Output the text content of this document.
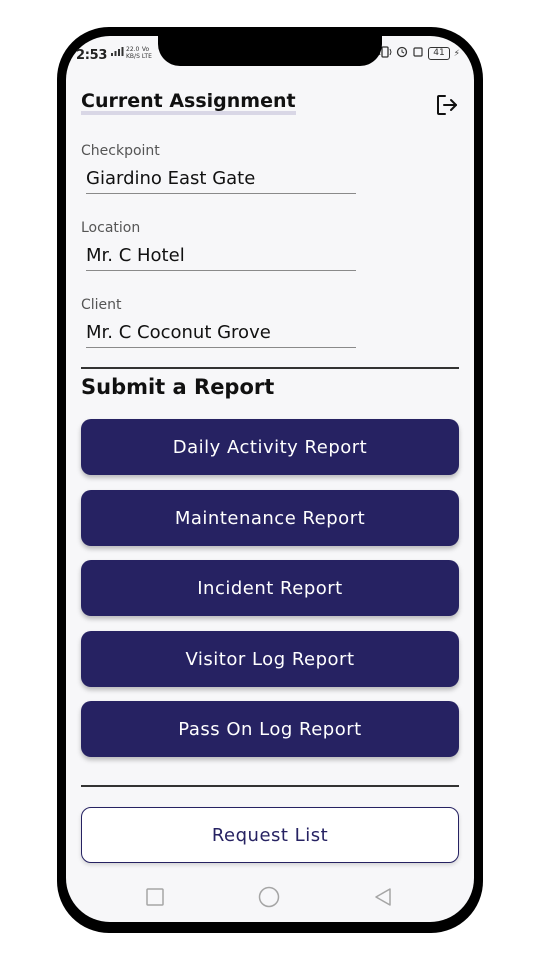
2:53	22.0
KB/S
Vo LTE	41	⚡
Current Assignment
Checkpoint
Giardino East Gate
Location
Mr. C Hotel
Client
Mr. C Coconut Grove
Submit a Report
Daily Activity Report
Maintenance Report
Incident Report
Visitor Log Report
Pass On Log Report
Request List
